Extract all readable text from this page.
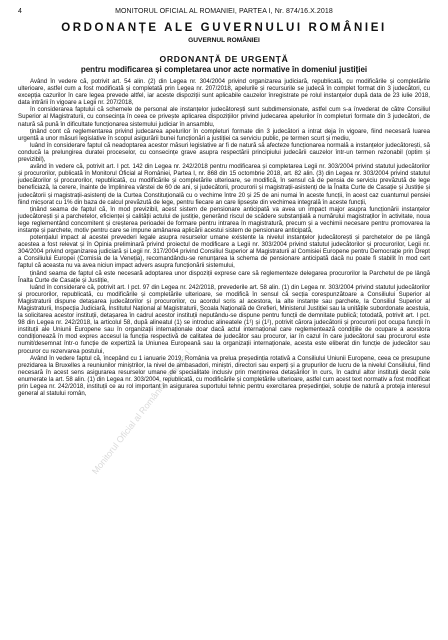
4	MONITORUL OFICIAL AL ROMÂNIEI, PARTEA I, Nr. 874/16.X.2018
ORDONANȚE ALE GUVERNULUI ROMÂNIEI
GUVERNUL ROMÂNIEI
ORDONANȚĂ DE URGENȚĂ
pentru modificarea și completarea unor acte normative în domeniul justiției

Având în vedere că, potrivit art. 54 alin. (2) din Legea nr. 304/2004 privind organizarea judiciară, republicată, cu modificările și completările ulterioare, astfel cum a fost modificată și completată prin Legea nr. 207/2018, apelurile și recursurile se judecă în complet format din 3 judecători, cu excepția cazurilor în care legea prevede altfel, iar aceste dispoziții sunt aplicabile cauzelor înregistrate pe rolul instanțelor după data de 23 iulie 2018, data intrării în vigoare a Legii nr. 207/2018,

în considerarea faptului că schemele de personal ale instanțelor judecătorești sunt subdimensionate, astfel cum s-a învederat de către Consiliul Superior al Magistraturii, cu consecința în ceea ce privește aplicarea dispozițiilor privind judecarea apelurilor în completuri formate din 3 judecători, de natură să pună în dificultate funcționarea sistemului judiciar în ansamblu,

ținând cont că reglementarea privind judecarea apelurilor în completuri formate din 3 judecători a intrat deja în vigoare, fiind necesară luarea urgentă a unor măsuri legislative în scopul asigurării bunei funcționări a justiției ca serviciu public, pe termen scurt și mediu,

luând în considerare faptul că neadoptarea acestor măsuri legislative ar fi de natură să afecteze funcționarea normală a instanțelor judecătorești, să conducă la prelungirea duratei proceselor, cu consecințe grave asupra respectării principiului judecării cauzelor într-un termen rezonabil (optim și previzibil),

având în vedere că, potrivit art. I pct. 142 din Legea nr. 242/2018 pentru modificarea și completarea Legii nr. 303/2004 privind statutul judecătorilor și procurorilor, publicată în Monitorul Oficial al României, Partea I, nr. 868 din 15 octombrie 2018, art. 82 alin. (3) din Legea nr. 303/2004 privind statutul judecătorilor și procurorilor, republicată, cu modificările și completările ulterioare, se modifică, în sensul că de pensia de serviciu prevăzută de lege beneficiază, la cerere, înainte de împlinirea vârstei de 60 de ani, și judecătorii, procurorii și magistrații-asistenți de la Înalta Curte de Casație și Justiție și judecătorii și magistrații-asistenți de la Curtea Constituțională cu o vechime între 20 și 25 de ani numai în aceste funcții, în acest caz cuantumul pensiei fiind micșorat cu 1% din baza de calcul prevăzută de lege, pentru fiecare an care lipsește din vechimea integrală în aceste funcții,

ținând seama de faptul că, în mod previzibil, acest sistem de pensionare anticipată va avea un impact major asupra funcționării instanțelor judecătorești și a parchetelor, eficienței și calității actului de justiție, generând riscul de scădere substanțială a numărului magistraților în activitate, noua lege reglementând concomitent și creșterea perioadei de formare pentru intrarea în magistratură, precum și a vechimii necesare pentru promovarea la instanțe și parchete, motiv pentru care se impune amânarea aplicării acestui sistem de pensionare anticipată,

potențialul impact al acestei prevederi legale asupra resurselor umane existente la nivelul instanțelor judecătorești și parchetelor de pe lângă acestea a fost relevat și în Opinia preliminară privind proiectul de modificare a Legii nr. 303/2004 privind statutul judecătorilor și procurorilor, Legii nr. 304/2004 privind organizarea judiciară și Legii nr. 317/2004 privind Consiliul Superior al Magistraturii al Comisiei Europene pentru Democrație prin Drept a Consiliului Europei (Comisia de la Veneția), recomandându-se renunțarea la schema de pensionare anticipată dacă nu poate fi stabilit în mod cert faptul că aceasta nu va avea niciun impact advers asupra funcționării sistemului,

ținând seama de faptul că este necesară adoptarea unor dispoziții exprese care să reglementeze delegarea procurorilor la Parchetul de pe lângă Înalta Curte de Casație și Justiție,

luând în considerare că, potrivit art. I pct. 97 din Legea nr. 242/2018, prevederile art. 58 alin. (1) din Legea nr. 303/2004 privind statutul judecătorilor și procurorilor, republicată, cu modificările și completările ulterioare, se modifică în sensul că secția corespunzătoare a Consiliului Superior al Magistraturii dispune detașarea judecătorilor și procurorilor, cu acordul scris al acestora, la alte instanțe sau parchete, la Consiliul Superior al Magistraturii, Inspecția Judiciară, Institutul Național al Magistraturii, Școala Națională de Grefieri, Ministerul Justiției sau la unitățile subordonate acestuia, la solicitarea acestor instituții, detașarea în cadrul acestor instituții neputându-se dispune pentru funcții de demnitate publică; totodată, potrivit art. I pct. 98 din Legea nr. 242/2018, la articolul 58, după alineatul (1) se introduc alineatele (1¹) și (1²), potrivit cărora judecătorii și procurorii pot ocupa funcții în instituții ale Uniunii Europene sau în organizații internaționale doar dacă actul internațional care reglementează condițiile de ocupare a acestora condiționează în mod expres accesul la funcția respectivă de calitatea de judecător sau procuror, iar în cazul în care judecătorul sau procurorul este numit/desemnat într-o funcție de expertiză la Uniunea Europeană sau la organizații internaționale, acesta este eliberat din funcție de judecător sau procuror cu rezervarea postului,

Având în vedere faptul că, începând cu 1 ianuarie 2019, România va prelua președinția rotativă a Consiliului Uniunii Europene, ceea ce presupune prezidarea la Bruxelles a reuniunilor miniștrilor, la nivel de ambasadori, miniștri, directori sau experți și a grupurilor de lucru de la nivelul Consiliului, fiind necesară în acest sens asigurarea resurselor umane de specialitate inclusiv prin menținerea detașărilor în curs, în cadrul altor instituții decât cele enumerate la art. 58 alin. (1) din Legea nr. 303/2004, republicată, cu modificările și completările ulterioare, astfel cum acest text normativ a fost modificat prin Legea nr. 242/2018, instituții ce au rol important în asigurarea suportului tehnic pentru exercitarea președinției, soluție de natură a proteja interesul general al statului român, Monitorul Oficial al României - Partea I
